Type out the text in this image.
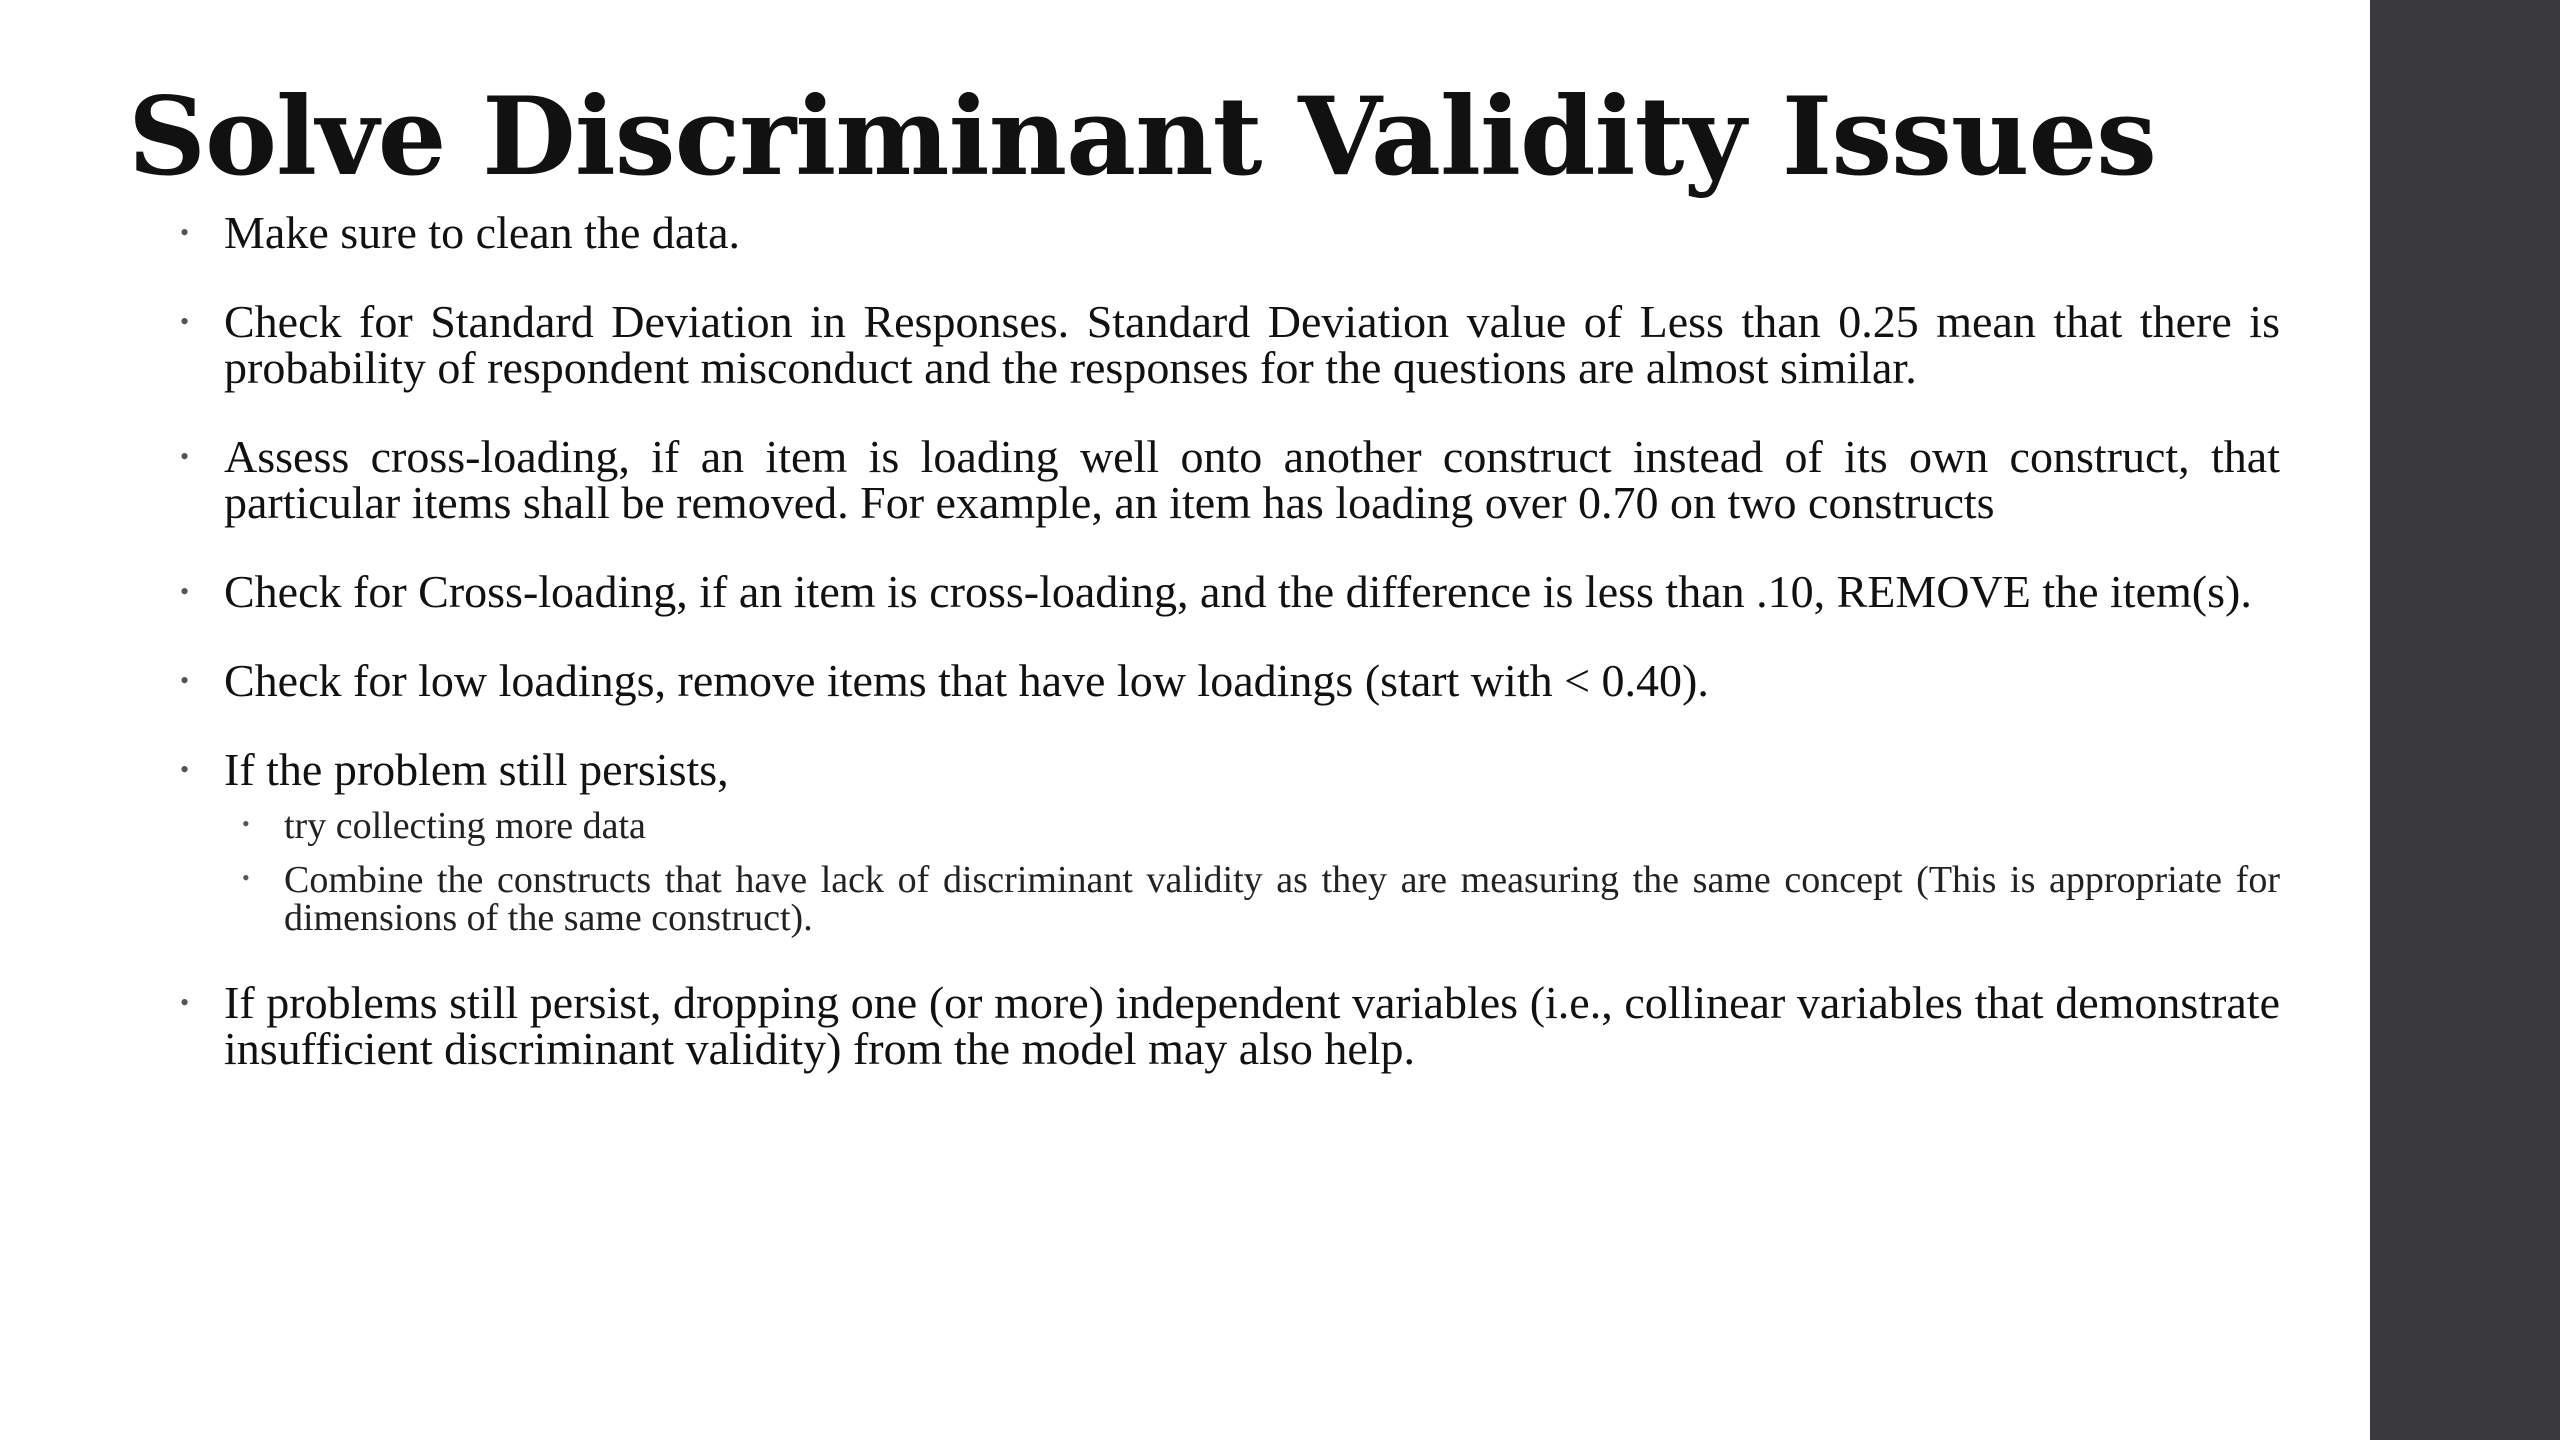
Solve Discriminant Validity Issues
• Make sure to clean the data.
• Check for Standard Deviation in Responses. Standard Deviation value of Less than 0.25 mean that there is probability of respondent misconduct and the responses for the questions are almost similar.
• Assess cross-loading, if an item is loading well onto another construct instead of its own construct, that particular items shall be removed. For example, an item has loading over 0.70 on two constructs
• Check for Cross-loading, if an item is cross-loading, and the difference is less than .10, REMOVE the item(s).
• Check for low loadings, remove items that have low loadings (start with < 0.40).
• If the problem still persists,
• try collecting more data
• Combine the constructs that have lack of discriminant validity as they are measuring the same concept (This is appropriate for dimensions of the same construct).
• If problems still persist, dropping one (or more) independent variables (i.e., collinear variables that demonstrate insufficient discriminant validity) from the model may also help.
